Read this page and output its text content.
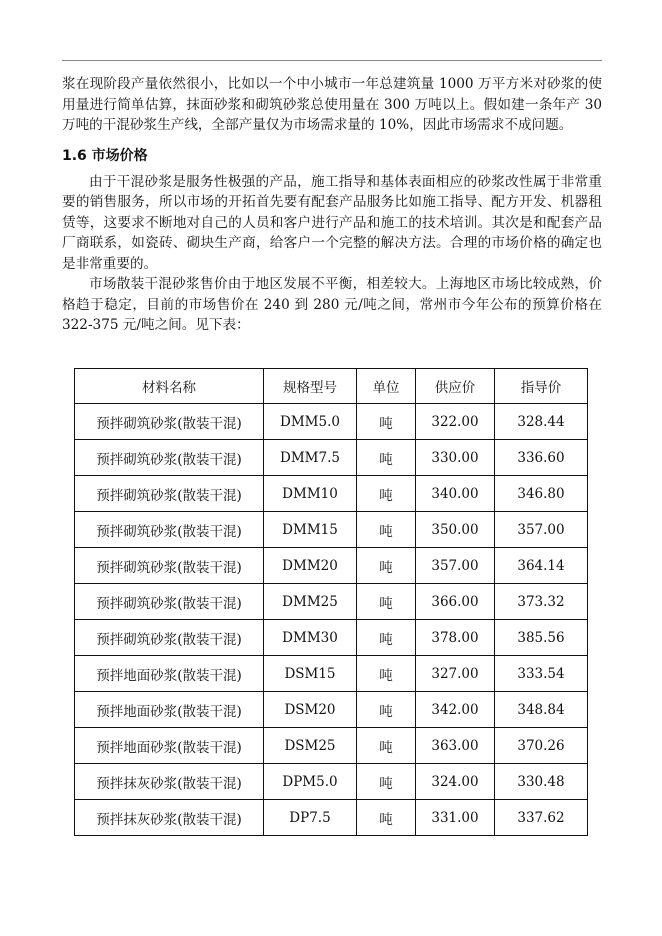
浆在现阶段产量依然很小，比如以一个中小城市一年总建筑量 1000 万平方米对砂浆的使用量进行简单估算，抹面砂浆和砌筑砂浆总使用量在 300 万吨以上。假如建一条年产 30 万吨的干混砂浆生产线，全部产量仅为市场需求量的 10%，因此市场需求不成问题。

1.6 市场价格

由于干混砂浆是服务性极强的产品，施工指导和基体表面相应的砂浆改性属于非常重要的销售服务，所以市场的开拓首先要有配套产品服务比如施工指导、配方开发、机器租赁等，这要求不断地对自己的人员和客户进行产品和施工的技术培训。其次是和配套产品厂商联系，如瓷砖、砌块生产商，给客户一个完整的解决方法。合理的市场价格的确定也是非常重要的。

市场散装干混砂浆售价由于地区发展不平衡，相差较大。上海地区市场比较成熟，价格趋于稳定，目前的市场售价在 240 到 280 元/吨之间，常州市今年公布的预算价格在 322-375 元/吨之间。见下表：

材料名称	规格型号	单位	供应价	指导价
预拌砌筑砂浆(散装干混)	DMM5.0	吨	322.00	328.44
预拌砌筑砂浆(散装干混)	DMM7.5	吨	330.00	336.60
预拌砌筑砂浆(散装干混)	DMM10	吨	340.00	346.80
预拌砌筑砂浆(散装干混)	DMM15	吨	350.00	357.00
预拌砌筑砂浆(散装干混)	DMM20	吨	357.00	364.14
预拌砌筑砂浆(散装干混)	DMM25	吨	366.00	373.32
预拌砌筑砂浆(散装干混)	DMM30	吨	378.00	385.56
预拌地面砂浆(散装干混)	DSM15	吨	327.00	333.54
预拌地面砂浆(散装干混)	DSM20	吨	342.00	348.84
预拌地面砂浆(散装干混)	DSM25	吨	363.00	370.26
预拌抹灰砂浆(散装干混)	DPM5.0	吨	324.00	330.48
预拌抹灰砂浆(散装干混)	DP7.5	吨	331.00	337.62
